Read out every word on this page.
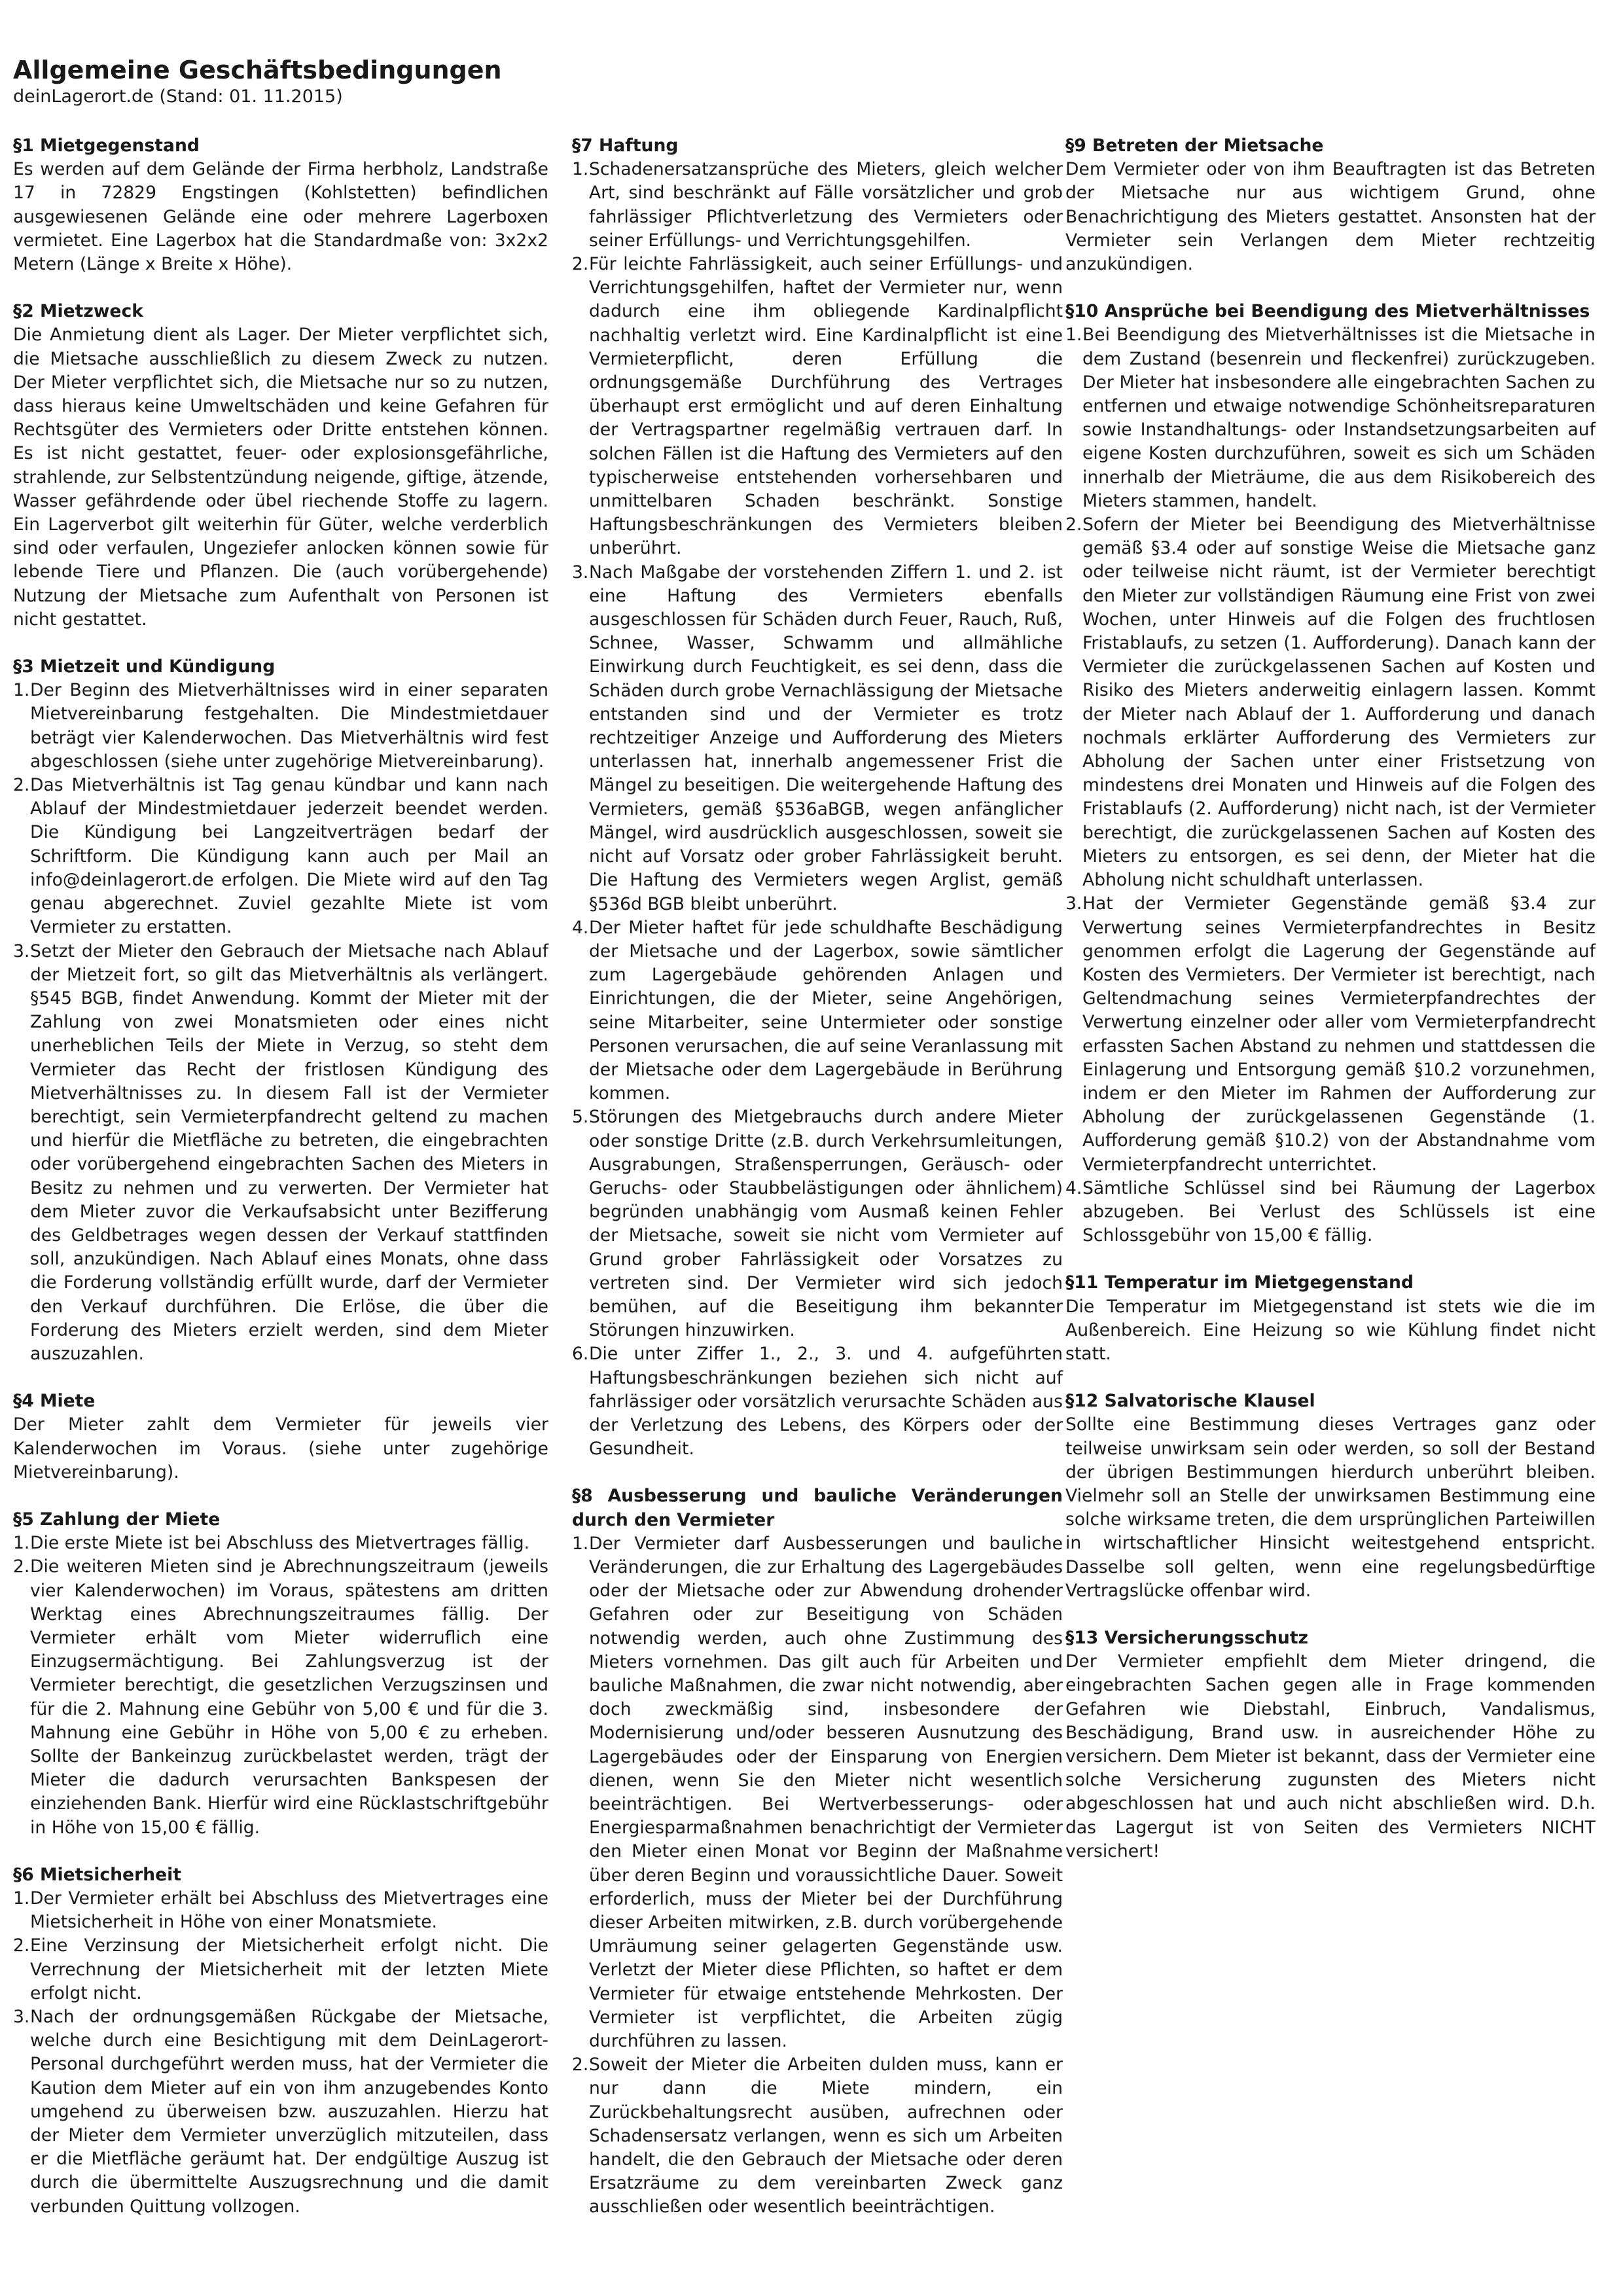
Allgemeine Geschäftsbedingungen

deinLagerort.de (Stand: 01. 11.2015)

§1 Mietgegenstand

Es werden auf dem Gelände der Firma herbholz, Landstraße 17 in 72829 Engstingen (Kohlstetten) befindlichen ausgewiesenen Gelände eine oder mehrere Lagerboxen vermietet. Eine Lagerbox hat die Standardmaße von: 3x2x2 Metern (Länge x Breite x Höhe).

§2 Mietzweck

Die Anmietung dient als Lager. Der Mieter verpflichtet sich, die Mietsache ausschließlich zu diesem Zweck zu nutzen. Der Mieter verpflichtet sich, die Mietsache nur so zu nutzen, dass hieraus keine Umweltschäden und keine Gefahren für Rechtsgüter des Vermieters oder Dritte entstehen können. Es ist nicht gestattet, feuer- oder explosionsgefährliche, strahlende, zur Selbstentzündung neigende, giftige, ätzende, Wasser gefährdende oder übel riechende Stoffe zu lagern. Ein Lagerverbot gilt weiterhin für Güter, welche verderblich sind oder verfaulen, Ungeziefer anlocken können sowie für lebende Tiere und Pflanzen. Die (auch vorübergehende) Nutzung der Mietsache zum Aufenthalt von Personen ist nicht gestattet.

§3 Mietzeit und Kündigung

1. Der Beginn des Mietverhältnisses wird in einer separaten Mietvereinbarung festgehalten. Die Mindestmietdauer beträgt vier Kalenderwochen. Das Mietverhältnis wird fest abgeschlossen (siehe unter zugehörige Mietvereinbarung).
2. Das Mietverhältnis ist Tag genau kündbar und kann nach Ablauf der Mindestmietdauer jederzeit beendet werden. Die Kündigung bei Langzeitverträgen bedarf der Schriftform. Die Kündigung kann auch per Mail an info@deinlagerort.de erfolgen. Die Miete wird auf den Tag genau abgerechnet. Zuviel gezahlte Miete ist vom Vermieter zu erstatten.
3. Setzt der Mieter den Gebrauch der Mietsache nach Ablauf der Mietzeit fort, so gilt das Mietverhältnis als verlängert. §545 BGB, findet Anwendung. Kommt der Mieter mit der Zahlung von zwei Monatsmieten oder eines nicht unerheblichen Teils der Miete in Verzug, so steht dem Vermieter das Recht der fristlosen Kündigung des Mietverhältnisses zu. In diesem Fall ist der Vermieter berechtigt, sein Vermieterpfandrecht geltend zu machen und hierfür die Mietfläche zu betreten, die eingebrachten oder vorübergehend eingebrachten Sachen des Mieters in Besitz zu nehmen und zu verwerten. Der Vermieter hat dem Mieter zuvor die Verkaufsabsicht unter Bezifferung des Geldbetrages wegen dessen der Verkauf stattfinden soll, anzukündigen. Nach Ablauf eines Monats, ohne dass die Forderung vollständig erfüllt wurde, darf der Vermieter den Verkauf durchführen. Die Erlöse, die über die Forderung des Mieters erzielt werden, sind dem Mieter auszuzahlen.

§4 Miete

Der Mieter zahlt dem Vermieter für jeweils vier Kalenderwochen im Voraus. (siehe unter zugehörige Mietvereinbarung).

§5 Zahlung der Miete

1. Die erste Miete ist bei Abschluss des Mietvertrages fällig.
2. Die weiteren Mieten sind je Abrechnungszeitraum (jeweils vier Kalenderwochen) im Voraus, spätestens am dritten Werktag eines Abrechnungszeitraumes fällig. Der Vermieter erhält vom Mieter widerruflich eine Einzugsermächtigung. Bei Zahlungsverzug ist der Vermieter berechtigt, die gesetzlichen Verzugszinsen und für die 2. Mahnung eine Gebühr von 5,00 € und für die 3. Mahnung eine Gebühr in Höhe von 5,00 € zu erheben. Sollte der Bankeinzug zurückbelastet werden, trägt der Mieter die dadurch verursachten Bankspesen der einziehenden Bank. Hierfür wird eine Rücklastschriftgebühr in Höhe von 15,00 € fällig.

§6 Mietsicherheit

1. Der Vermieter erhält bei Abschluss des Mietvertrages eine Mietsicherheit in Höhe von einer Monatsmiete.
2. Eine Verzinsung der Mietsicherheit erfolgt nicht. Die Verrechnung der Mietsicherheit mit der letzten Miete erfolgt nicht.
3. Nach der ordnungsgemäßen Rückgabe der Mietsache, welche durch eine Besichtigung mit dem DeinLagerort-Personal durchgeführt werden muss, hat der Vermieter die Kaution dem Mieter auf ein von ihm anzugebendes Konto umgehend zu überweisen bzw. auszuzahlen. Hierzu hat der Mieter dem Vermieter unverzüglich mitzuteilen, dass er die Mietfläche geräumt hat. Der endgültige Auszug ist durch die übermittelte Auszugsrechnung und die damit verbunden Quittung vollzogen.

§7 Haftung

1. Schadenersatzansprüche des Mieters, gleich welcher Art, sind beschränkt auf Fälle vorsätzlicher und grob fahrlässiger Pflichtverletzung des Vermieters oder seiner Erfüllungs- und Verrichtungsgehilfen.
2. Für leichte Fahrlässigkeit, auch seiner Erfüllungs- und Verrichtungsgehilfen, haftet der Vermieter nur, wenn dadurch eine ihm obliegende Kardinalpflicht nachhaltig verletzt wird. Eine Kardinalpflicht ist eine Vermieterpflicht, deren Erfüllung die ordnungsgemäße Durchführung des Vertrages überhaupt erst ermöglicht und auf deren Einhaltung der Vertragspartner regelmäßig vertrauen darf. In solchen Fällen ist die Haftung des Vermieters auf den typischerweise entstehenden vorhersehbaren und unmittelbaren Schaden beschränkt. Sonstige Haftungsbeschränkungen des Vermieters bleiben unberührt.
3. Nach Maßgabe der vorstehenden Ziffern 1. und 2. ist eine Haftung des Vermieters ebenfalls ausgeschlossen für Schäden durch Feuer, Rauch, Ruß, Schnee, Wasser, Schwamm und allmähliche Einwirkung durch Feuchtigkeit, es sei denn, dass die Schäden durch grobe Vernachlässigung der Mietsache entstanden sind und der Vermieter es trotz rechtzeitiger Anzeige und Aufforderung des Mieters unterlassen hat, innerhalb angemessener Frist die Mängel zu beseitigen. Die weitergehende Haftung des Vermieters, gemäß §536aBGB, wegen anfänglicher Mängel, wird ausdrücklich ausgeschlossen, soweit sie nicht auf Vorsatz oder grober Fahrlässigkeit beruht. Die Haftung des Vermieters wegen Arglist, gemäß §536d BGB bleibt unberührt.
4. Der Mieter haftet für jede schuldhafte Beschädigung der Mietsache und der Lagerbox, sowie sämtlicher zum Lagergebäude gehörenden Anlagen und Einrichtungen, die der Mieter, seine Angehörigen, seine Mitarbeiter, seine Untermieter oder sonstige Personen verursachen, die auf seine Veranlassung mit der Mietsache oder dem Lagergebäude in Berührung kommen.
5. Störungen des Mietgebrauchs durch andere Mieter oder sonstige Dritte (z.B. durch Verkehrsumleitungen, Ausgrabungen, Straßensperrungen, Geräusch- oder Geruchs- oder Staubbelästigungen oder ähnlichem) begründen unabhängig vom Ausmaß keinen Fehler der Mietsache, soweit sie nicht vom Vermieter auf Grund grober Fahrlässigkeit oder Vorsatzes zu vertreten sind. Der Vermieter wird sich jedoch bemühen, auf die Beseitigung ihm bekannter Störungen hinzuwirken.
6. Die unter Ziffer 1., 2., 3. und 4. aufgeführten Haftungsbeschränkungen beziehen sich nicht auf fahrlässiger oder vorsätzlich verursachte Schäden aus der Verletzung des Lebens, des Körpers oder der Gesundheit.

§8 Ausbesserung und bauliche Veränderungen durch den Vermieter

1. Der Vermieter darf Ausbesserungen und bauliche Veränderungen, die zur Erhaltung des Lagergebäudes oder der Mietsache oder zur Abwendung drohender Gefahren oder zur Beseitigung von Schäden notwendig werden, auch ohne Zustimmung des Mieters vornehmen. Das gilt auch für Arbeiten und bauliche Maßnahmen, die zwar nicht notwendig, aber doch zweckmäßig sind, insbesondere der Modernisierung und/oder besseren Ausnutzung des Lagergebäudes oder der Einsparung von Energien dienen, wenn Sie den Mieter nicht wesentlich beeinträchtigen. Bei Wertverbesserungs- oder Energiesparmaßnahmen benachrichtigt der Vermieter den Mieter einen Monat vor Beginn der Maßnahme über deren Beginn und voraussichtliche Dauer. Soweit erforderlich, muss der Mieter bei der Durchführung dieser Arbeiten mitwirken, z.B. durch vorübergehende Umräumung seiner gelagerten Gegenstände usw. Verletzt der Mieter diese Pflichten, so haftet er dem Vermieter für etwaige entstehende Mehrkosten. Der Vermieter ist verpflichtet, die Arbeiten zügig durchführen zu lassen.
2. Soweit der Mieter die Arbeiten dulden muss, kann er nur dann die Miete mindern, ein Zurückbehaltungsrecht ausüben, aufrechnen oder Schadensersatz verlangen, wenn es sich um Arbeiten handelt, die den Gebrauch der Mietsache oder deren Ersatzräume zu dem vereinbarten Zweck ganz ausschließen oder wesentlich beeinträchtigen.

§9 Betreten der Mietsache

Dem Vermieter oder von ihm Beauftragten ist das Betreten der Mietsache nur aus wichtigem Grund, ohne Benachrichtigung des Mieters gestattet. Ansonsten hat der Vermieter sein Verlangen dem Mieter rechtzeitig anzukündigen.

§10 Ansprüche bei Beendigung des Mietverhältnisses

1. Bei Beendigung des Mietverhältnisses ist die Mietsache in dem Zustand (besenrein und fleckenfrei) zurückzugeben. Der Mieter hat insbesondere alle eingebrachten Sachen zu entfernen und etwaige notwendige Schönheitsreparaturen sowie Instandhaltungs- oder Instandsetzungsarbeiten auf eigene Kosten durchzuführen, soweit es sich um Schäden innerhalb der Mieträume, die aus dem Risikobereich des Mieters stammen, handelt.
2. Sofern der Mieter bei Beendigung des Mietverhältnisse gemäß §3.4 oder auf sonstige Weise die Mietsache ganz oder teilweise nicht räumt, ist der Vermieter berechtigt den Mieter zur vollständigen Räumung eine Frist von zwei Wochen, unter Hinweis auf die Folgen des fruchtlosen Fristablaufs, zu setzen (1. Aufforderung). Danach kann der Vermieter die zurückgelassenen Sachen auf Kosten und Risiko des Mieters anderweitig einlagern lassen. Kommt der Mieter nach Ablauf der 1. Aufforderung und danach nochmals erklärter Aufforderung des Vermieters zur Abholung der Sachen unter einer Fristsetzung von mindestens drei Monaten und Hinweis auf die Folgen des Fristablaufs (2. Aufforderung) nicht nach, ist der Vermieter berechtigt, die zurückgelassenen Sachen auf Kosten des Mieters zu entsorgen, es sei denn, der Mieter hat die Abholung nicht schuldhaft unterlassen.
3. Hat der Vermieter Gegenstände gemäß §3.4 zur Verwertung seines Vermieterpfandrechtes in Besitz genommen erfolgt die Lagerung der Gegenstände auf Kosten des Vermieters. Der Vermieter ist berechtigt, nach Geltendmachung seines Vermieterpfandrechtes der Verwertung einzelner oder aller vom Vermieterpfandrecht erfassten Sachen Abstand zu nehmen und stattdessen die Einlagerung und Entsorgung gemäß §10.2 vorzunehmen, indem er den Mieter im Rahmen der Aufforderung zur Abholung der zurückgelassenen Gegenstände (1. Aufforderung gemäß §10.2) von der Abstandnahme vom Vermieterpfandrecht unterrichtet.
4. Sämtliche Schlüssel sind bei Räumung der Lagerbox abzugeben. Bei Verlust des Schlüssels ist eine Schlossgebühr von 15,00 € fällig.

§11 Temperatur im Mietgegenstand

Die Temperatur im Mietgegenstand ist stets wie die im Außenbereich. Eine Heizung so wie Kühlung findet nicht statt.

§12 Salvatorische Klausel

Sollte eine Bestimmung dieses Vertrages ganz oder teilweise unwirksam sein oder werden, so soll der Bestand der übrigen Bestimmungen hierdurch unberührt bleiben. Vielmehr soll an Stelle der unwirksamen Bestimmung eine solche wirksame treten, die dem ursprünglichen Parteiwillen in wirtschaftlicher Hinsicht weitestgehend entspricht. Dasselbe soll gelten, wenn eine regelungsbedürftige Vertragslücke offenbar wird.

§13 Versicherungsschutz

Der Vermieter empfiehlt dem Mieter dringend, die eingebrachten Sachen gegen alle in Frage kommenden Gefahren wie Diebstahl, Einbruch, Vandalismus, Beschädigung, Brand usw. in ausreichender Höhe zu versichern. Dem Mieter ist bekannt, dass der Vermieter eine solche Versicherung zugunsten des Mieters nicht abgeschlossen hat und auch nicht abschließen wird. D.h. das Lagergut ist von Seiten des Vermieters NICHT versichert!
